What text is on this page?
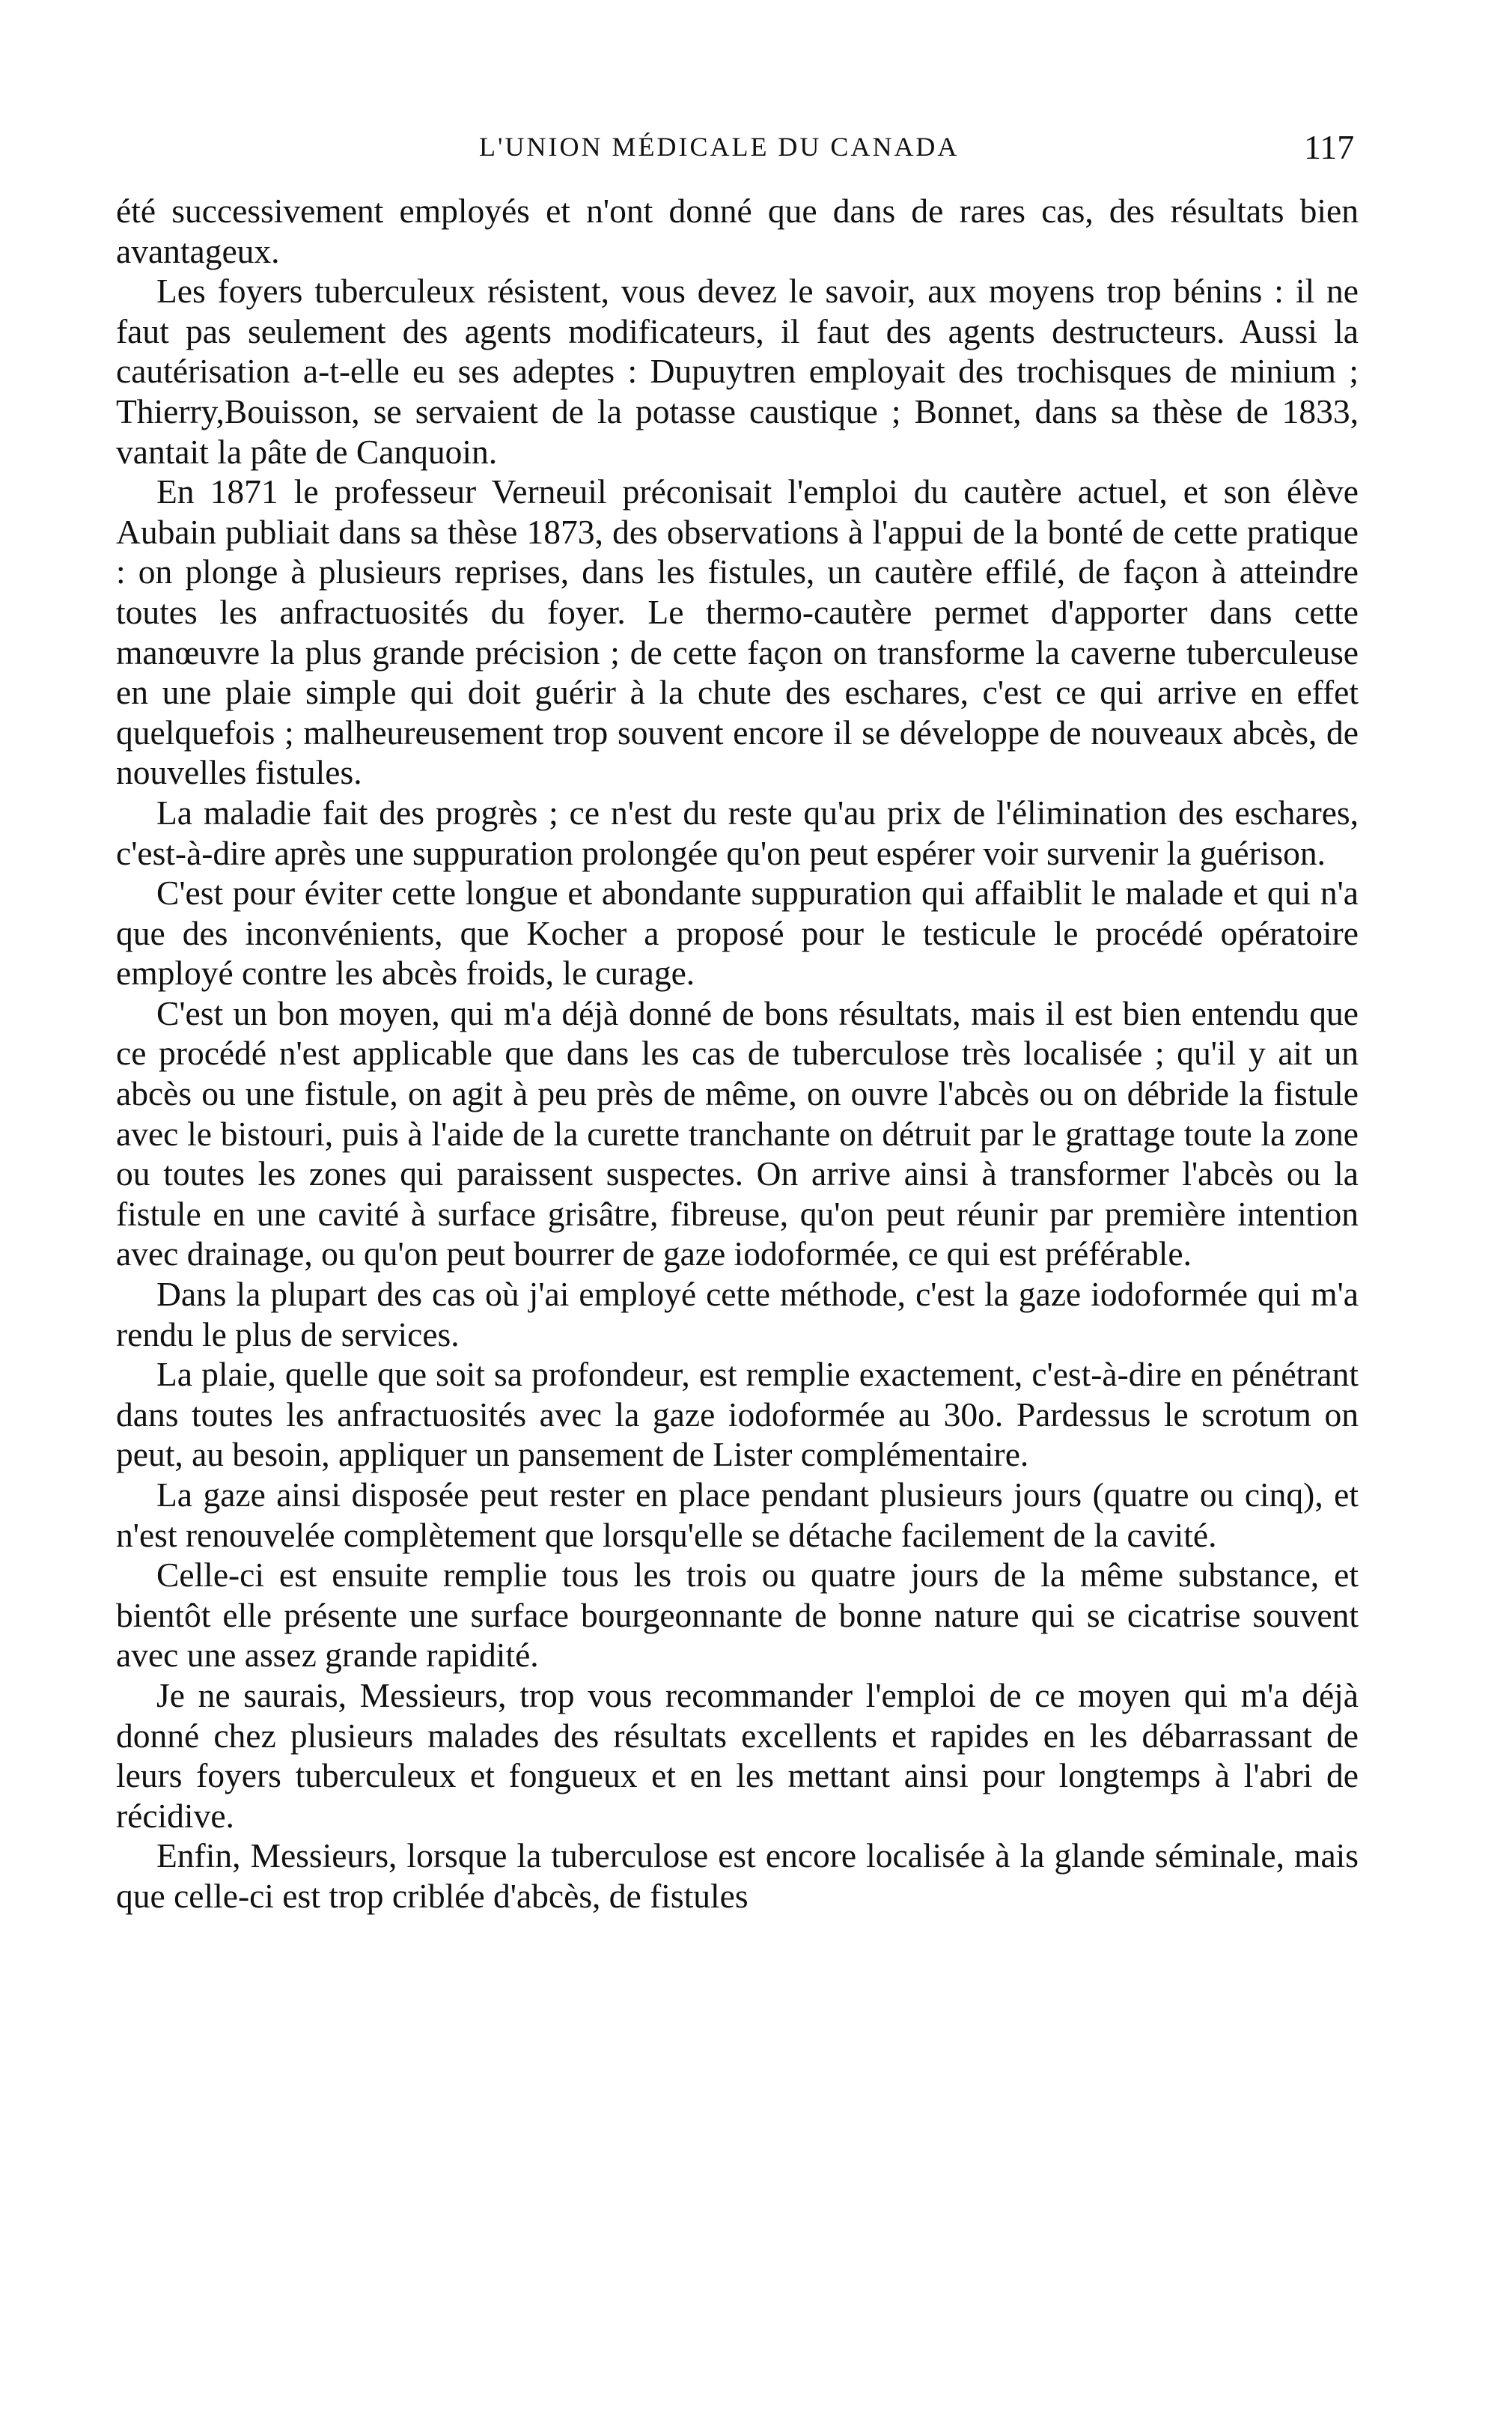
L'UNION MÉDICALE DU CANADA	117

été successivement employés et n'ont donné que dans de rares cas, des résultats bien avantageux.

Les foyers tuberculeux résistent, vous devez le savoir, aux moyens trop bénins : il ne faut pas seulement des agents modificateurs, il faut des agents destructeurs. Aussi la cautérisation a-t-elle eu ses adeptes : Dupuytren employait des trochisques de minium ; Thierry,Bouisson, se servaient de la potasse caustique ; Bonnet, dans sa thèse de 1833, vantait la pâte de Canquoin.

En 1871 le professeur Verneuil préconisait l'emploi du cautère actuel, et son élève Aubain publiait dans sa thèse 1873, des observations à l'appui de la bonté de cette pratique : on plonge à plusieurs reprises, dans les fistules, un cautère effilé, de façon à atteindre toutes les anfractuosités du foyer. Le thermo-cautère permet d'apporter dans cette manœuvre la plus grande précision ; de cette façon on transforme la caverne tuberculeuse en une plaie simple qui doit guérir à la chute des eschares, c'est ce qui arrive en effet quelquefois ; malheureusement trop souvent encore il se développe de nouveaux abcès, de nouvelles fistules.

La maladie fait des progrès ; ce n'est du reste qu'au prix de l'élimination des eschares, c'est-à-dire après une suppuration prolongée qu'on peut espérer voir survenir la guérison.

C'est pour éviter cette longue et abondante suppuration qui affaiblit le malade et qui n'a que des inconvénients, que Kocher a proposé pour le testicule le procédé opératoire employé contre les abcès froids, le curage.

C'est un bon moyen, qui m'a déjà donné de bons résultats, mais il est bien entendu que ce procédé n'est applicable que dans les cas de tuberculose très localisée ; qu'il y ait un abcès ou une fistule, on agit à peu près de même, on ouvre l'abcès ou on débride la fistule avec le bistouri, puis à l'aide de la curette tranchante on détruit par le grattage toute la zone ou toutes les zones qui paraissent suspectes. On arrive ainsi à transformer l'abcès ou la fistule en une cavité à surface grisâtre, fibreuse, qu'on peut réunir par première intention avec drainage, ou qu'on peut bourrer de gaze iodoformée, ce qui est préférable.

Dans la plupart des cas où j'ai employé cette méthode, c'est la gaze iodoformée qui m'a rendu le plus de services.

La plaie, quelle que soit sa profondeur, est remplie exactement, c'est-à-dire en pénétrant dans toutes les anfractuosités avec la gaze iodoformée au 30o. Pardessus le scrotum on peut, au besoin, appliquer un pansement de Lister complémentaire.

La gaze ainsi disposée peut rester en place pendant plusieurs jours (quatre ou cinq), et n'est renouvelée complètement que lorsqu'elle se détache facilement de la cavité.

Celle-ci est ensuite remplie tous les trois ou quatre jours de la même substance, et bientôt elle présente une surface bourgeonnante de bonne nature qui se cicatrise souvent avec une assez grande rapidité.

Je ne saurais, Messieurs, trop vous recommander l'emploi de ce moyen qui m'a déjà donné chez plusieurs malades des résultats excellents et rapides en les débarrassant de leurs foyers tuberculeux et fongueux et en les mettant ainsi pour longtemps à l'abri de récidive.

Enfin, Messieurs, lorsque la tuberculose est encore localisée à la glande séminale, mais que celle-ci est trop criblée d'abcès, de fistules
